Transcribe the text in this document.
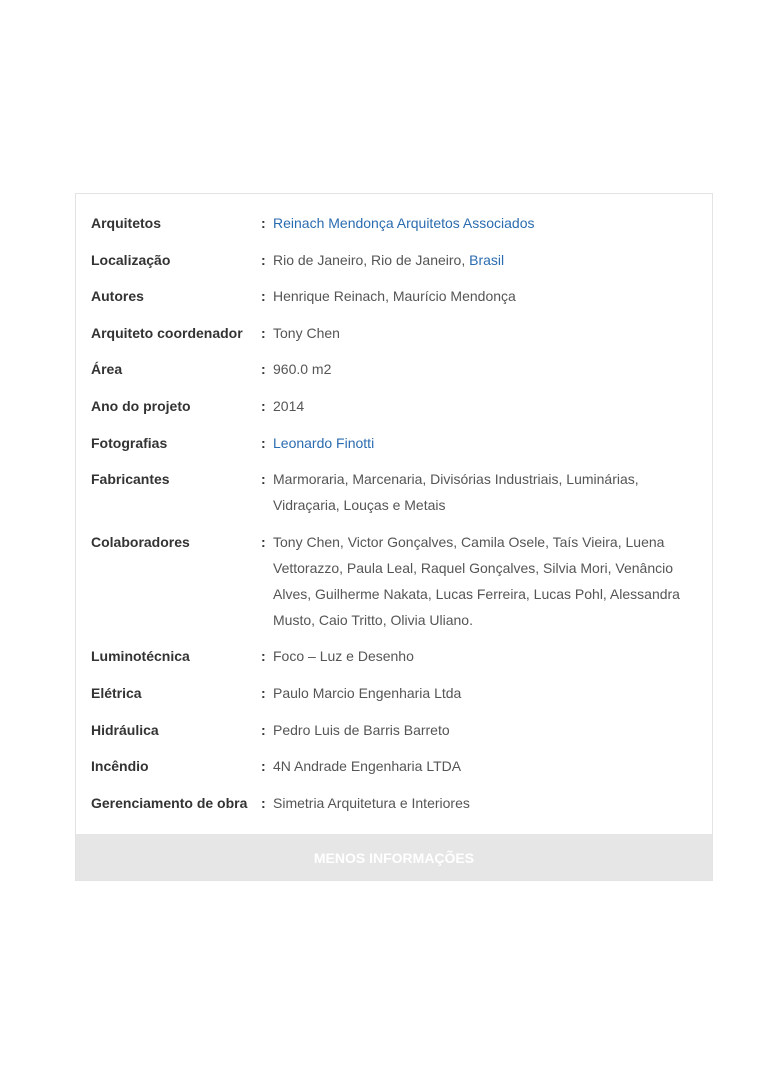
Arquitetos	: Reinach Mendonça Arquitetos Associados
Localização	: Rio de Janeiro, Rio de Janeiro, Brasil
Autores	: Henrique Reinach, Maurício Mendonça
Arquiteto coordenador	: Tony Chen
Área	: 960.0 m2
Ano do projeto	: 2014
Fotografias	: Leonardo Finotti
Fabricantes	: Marmoraria, Marcenaria, Divisórias Industriais, Luminárias, Vidraçaria, Louças e Metais
Colaboradores	: Tony Chen, Victor Gonçalves, Camila Osele, Taís Vieira, Luena Vettorazzo, Paula Leal, Raquel Gonçalves, Silvia Mori, Venâncio Alves, Guilherme Nakata, Lucas Ferreira, Lucas Pohl, Alessandra Musto, Caio Tritto, Olivia Uliano.
Luminotécnica	: Foco – Luz e Desenho
Elétrica	: Paulo Marcio Engenharia Ltda
Hidráulica	: Pedro Luis de Barris Barreto
Incêndio	: 4N Andrade Engenharia LTDA
Gerenciamento de obra : Simetria Arquitetura e Interiores
MENOS INFORMAÇÕES
